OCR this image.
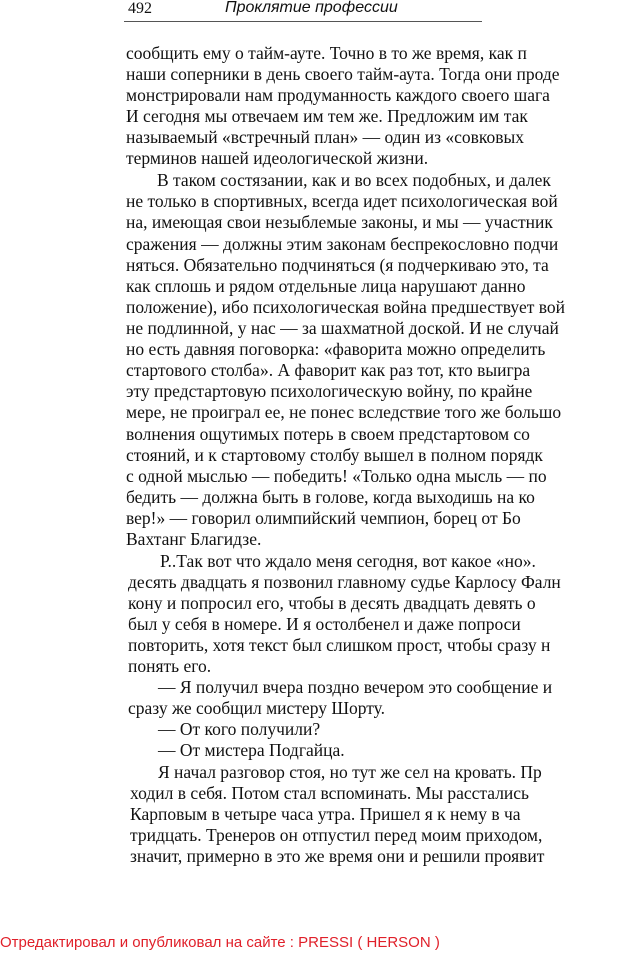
492	Проклятие профессии
сообщить ему о тайм-ауте. Точно в то же время, как п
наши соперники в день своего тайм-аута. Тогда они проде
монстрировали нам продуманность каждого своего шага
И сегодня мы отвечаем им тем же. Предложим им так
называемый «встречный план» — один из «совковых
терминов нашей идеологической жизни.
В таком состязании, как и во всех подобных, и далек
не только в спортивных, всегда идет психологическая вой
на, имеющая свои незыблемые законы, и мы — участник
сражения — должны этим законам беспрекословно подчи
няться. Обязательно подчиняться (я подчеркиваю это, та
как сплошь и рядом отдельные лица нарушают данно
положение), ибо психологическая война предшествует вой
не подлинной, у нас — за шахматной доской. И не случай
но есть давняя поговорка: «фаворита можно определить
стартового столба». А фаворит как раз тот, кто выигра
эту предстартовую психологическую войну, по крайне
мере, не проиграл ее, не понес вследствие того же большо
волнения ощутимых потерь в своем предстартовом со
стояний, и к стартовому столбу вышел в полном порядк
с одной мыслью — победить! «Только одна мысль — по
бедить — должна быть в голове, когда выходишь на ко
вер!» — говорил олимпийский чемпион, борец от Бо
Вахтанг Благидзе.
Р..Так вот что ждало меня сегодня, вот какое «но».
десять двадцать я позвонил главному судье Карлосу Фалн
кону и попросил его, чтобы в десять двадцать девять о
был у себя в номере. И я остолбенел и даже попроси
повторить, хотя текст был слишком прост, чтобы сразу н
понять его.
— Я получил вчера поздно вечером это сообщение и
сразу же сообщил мистеру Шорту.
— От кого получили?
— От мистера Подгайца.
Я начал разговор стоя, но тут же сел на кровать. Пр
ходил в себя. Потом стал вспоминать. Мы расстались
Карповым в четыре часа утра. Пришел я к нему в ча
тридцать. Тренеров он отпустил перед моим приходом,
значит, примерно в это же время они и решили проявит
Отредактировал и опубликовал на сайте : PRESSI ( HERSON )
